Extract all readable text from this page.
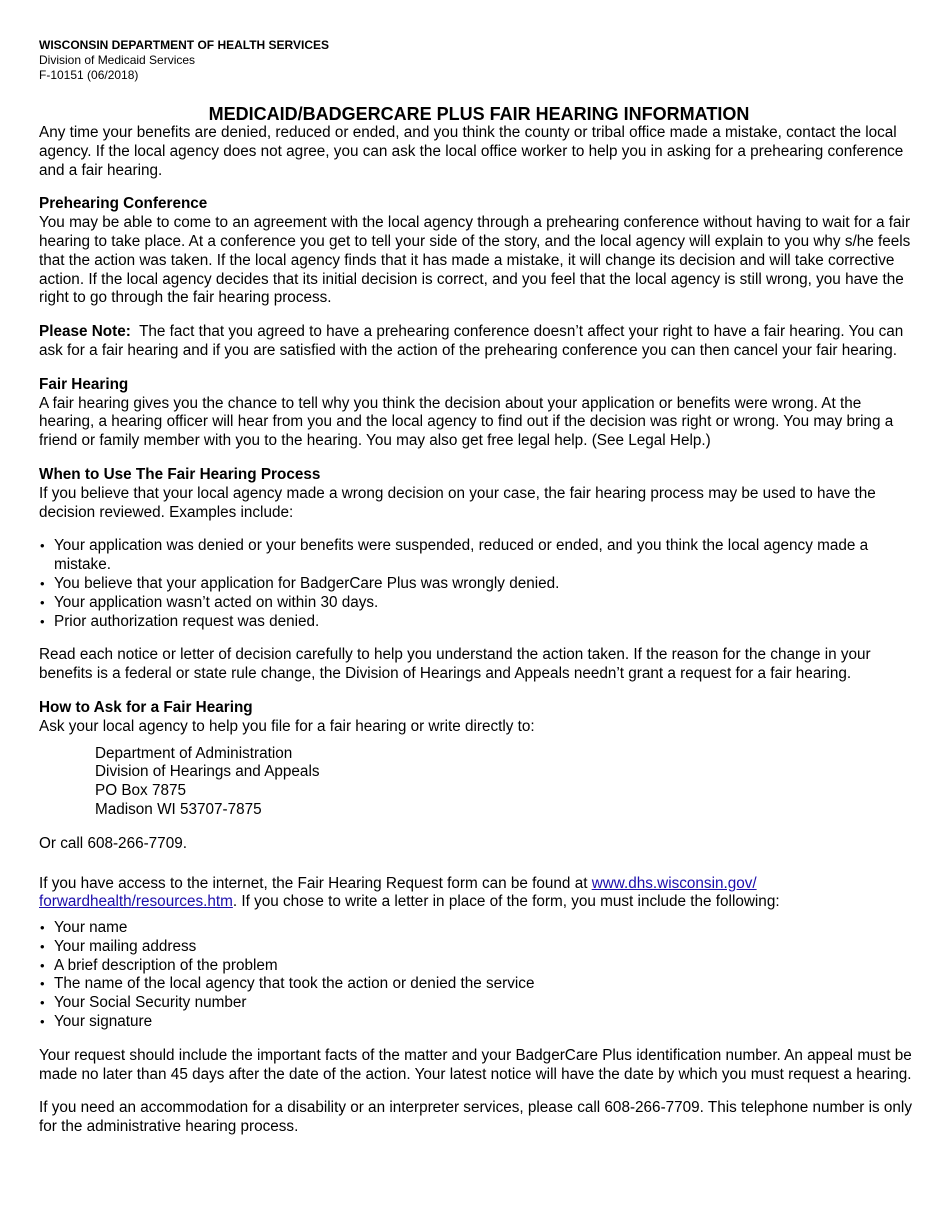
WISCONSIN DEPARTMENT OF HEALTH SERVICES
Division of Medicaid Services
F-10151 (06/2018)
MEDICAID/BADGERCARE PLUS FAIR HEARING INFORMATION

Any time your benefits are denied, reduced or ended, and you think the county or tribal office made a mistake, contact the local agency. If the local agency does not agree, you can ask the local office worker to help you in asking for a prehearing conference and a fair hearing.

Prehearing Conference

You may be able to come to an agreement with the local agency through a prehearing conference without having to wait for a fair hearing to take place. At a conference you get to tell your side of the story, and the local agency will explain to you why s/he feels that the action was taken. If the local agency finds that it has made a mistake, it will change its decision and will take corrective action. If the local agency decides that its initial decision is correct, and you feel that the local agency is still wrong, you have the right to go through the fair hearing process.

Please Note: The fact that you agreed to have a prehearing conference doesn’t affect your right to have a fair hearing. You can ask for a fair hearing and if you are satisfied with the action of the prehearing conference you can then cancel your fair hearing.

Fair Hearing

A fair hearing gives you the chance to tell why you think the decision about your application or benefits were wrong. At the hearing, a hearing officer will hear from you and the local agency to find out if the decision was right or wrong. You may bring a friend or family member with you to the hearing. You may also get free legal help. (See Legal Help.)

When to Use The Fair Hearing Process

If you believe that your local agency made a wrong decision on your case, the fair hearing process may be used to have the decision reviewed. Examples include:

• Your application was denied or your benefits were suspended, reduced or ended, and you think the local agency made a mistake.
• You believe that your application for BadgerCare Plus was wrongly denied.
• Your application wasn’t acted on within 30 days.
• Prior authorization request was denied.

Read each notice or letter of decision carefully to help you understand the action taken. If the reason for the change in your benefits is a federal or state rule change, the Division of Hearings and Appeals needn’t grant a request for a fair hearing.

How to Ask for a Fair Hearing

Ask your local agency to help you file for a fair hearing or write directly to:

Department of Administration
Division of Hearings and Appeals
PO Box 7875
Madison WI 53707-7875

Or call 608-266-7709.

If you have access to the internet, the Fair Hearing Request form can be found at www.dhs.wisconsin.gov/
forwardhealth/resources.htm. If you chose to write a letter in place of the form, you must include the following:

• Your name
• Your mailing address
• A brief description of the problem
• The name of the local agency that took the action or denied the service
• Your Social Security number
• Your signature

Your request should include the important facts of the matter and your BadgerCare Plus identification number. An appeal must be made no later than 45 days after the date of the action. Your latest notice will have the date by which you must request a hearing.

If you need an accommodation for a disability or an interpreter services, please call 608-266-7709. This telephone number is only for the administrative hearing process.
